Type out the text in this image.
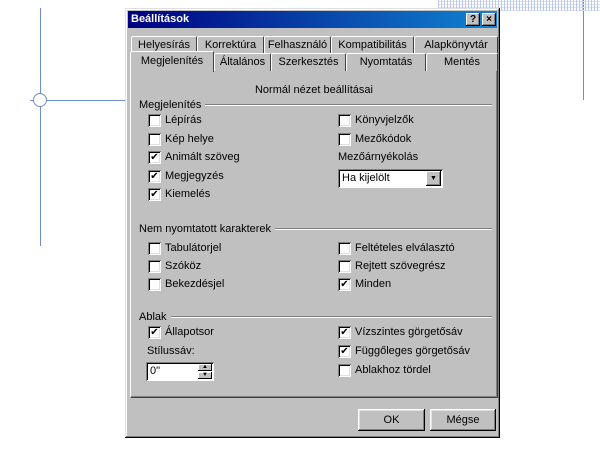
Beállítások	?	×
Helyesírás	Korrektúra	Felhasználó	Kompatibilitás	Alapkönyvtár
Megjelenítés	Általános	Szerkesztés	Nyomtatás	Mentés
Normál nézet beállításai
Megjelenítés
Lépírás
Kép helye
✔ Animált szöveg
✔ Megjegyzés
✔ Kiemelés
Könyvjelzők
Mezőkódok
Mezőárnyékolás
Ha kijelölt	▼
Nem nyomtatott karakterek
Tabulátorjel
Szóköz
Bekezdésjel
Feltételes elválasztó
Rejtett szövegrész
✔ Minden
Ablak
✔ Állapotsor
Stílussáv:
0"	▲
▼
✔ Vízszintes görgetősáv
✔ Függőleges görgetősáv
Ablakhoz tördel
OK	Mégse
